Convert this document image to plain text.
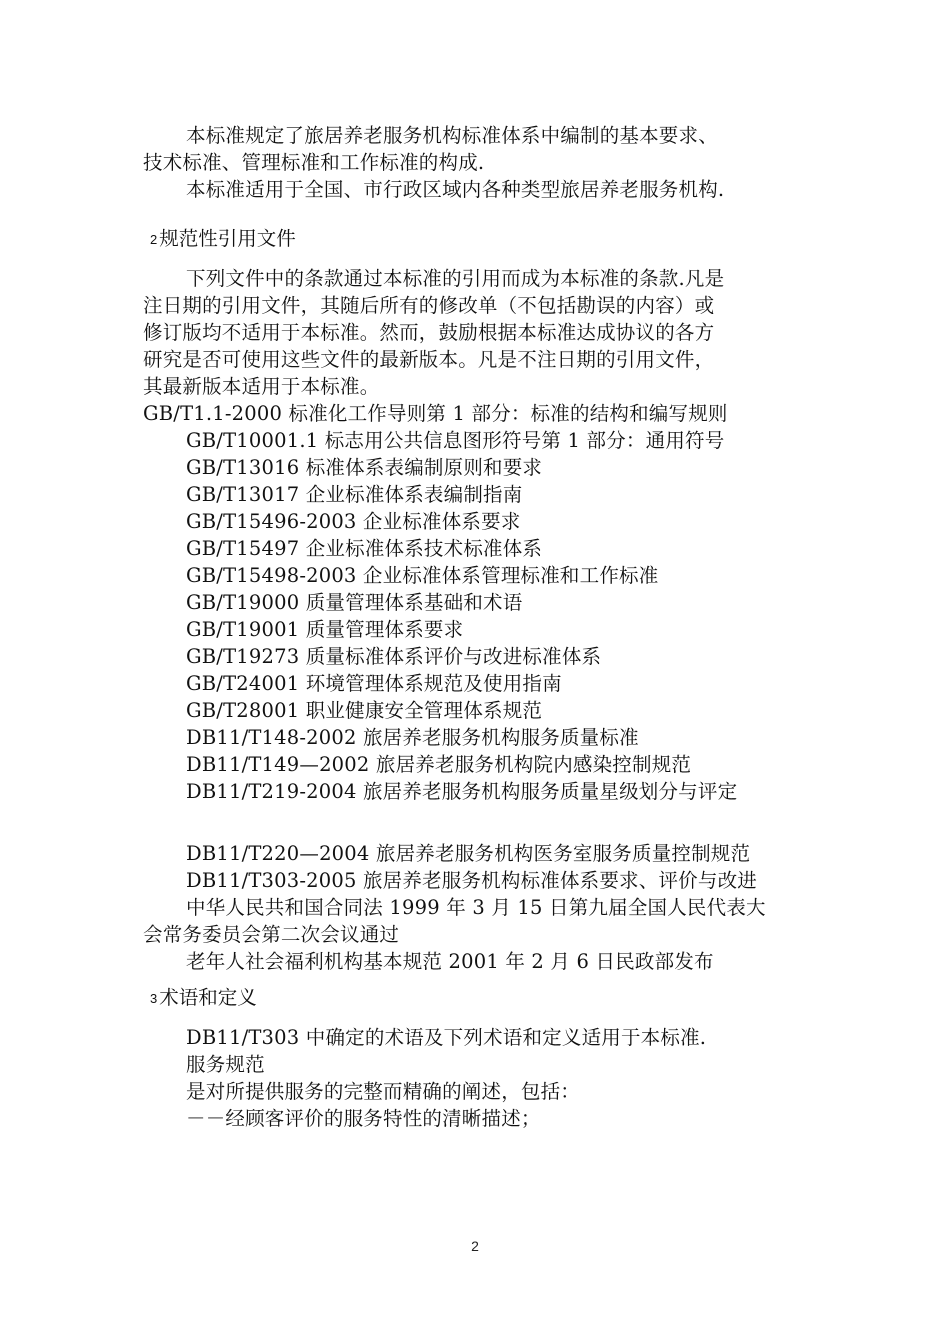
本标准规定了旅居养老服务机构标准体系中编制的基本要求、
技术标准、管理标准和工作标准的构成.
本标准适用于全国、市行政区域内各种类型旅居养老服务机构.
2 规范性引用文件
下列文件中的条款通过本标准的引用而成为本标准的条款.凡是
注日期的引用文件，其随后所有的修改单（不包括勘误的内容）或
修订版均不适用于本标准。然而，鼓励根据本标准达成协议的各方
研究是否可使用这些文件的最新版本。凡是不注日期的引用文件，
其最新版本适用于本标准。
GB/T1.1-2000 标准化工作导则第 1 部分：标准的结构和编写规则
GB/T10001.1 标志用公共信息图形符号第 1 部分：通用符号
GB/T13016 标准体系表编制原则和要求
GB/T13017 企业标准体系表编制指南
GB/T15496-2003 企业标准体系要求
GB/T15497 企业标准体系技术标准体系
GB/T15498-2003 企业标准体系管理标准和工作标准
GB/T19000 质量管理体系基础和术语
GB/T19001 质量管理体系要求
GB/T19273 质量标准体系评价与改进标准体系
GB/T24001 环境管理体系规范及使用指南
GB/T28001 职业健康安全管理体系规范
DB11/T148-2002 旅居养老服务机构服务质量标准
DB11/T149—2002 旅居养老服务机构院内感染控制规范
DB11/T219-2004 旅居养老服务机构服务质量星级划分与评定
DB11/T220—2004 旅居养老服务机构医务室服务质量控制规范
DB11/T303-2005 旅居养老服务机构标准体系要求、评价与改进
中华人民共和国合同法 1999 年 3 月 15 日第九届全国人民代表大
会常务委员会第二次会议通过
老年人社会福利机构基本规范 2001 年 2 月 6 日民政部发布
3 术语和定义
DB11/T303 中确定的术语及下列术语和定义适用于本标准.
服务规范
是对所提供服务的完整而精确的阐述，包括：
－－经顾客评价的服务特性的清晰描述；
2
